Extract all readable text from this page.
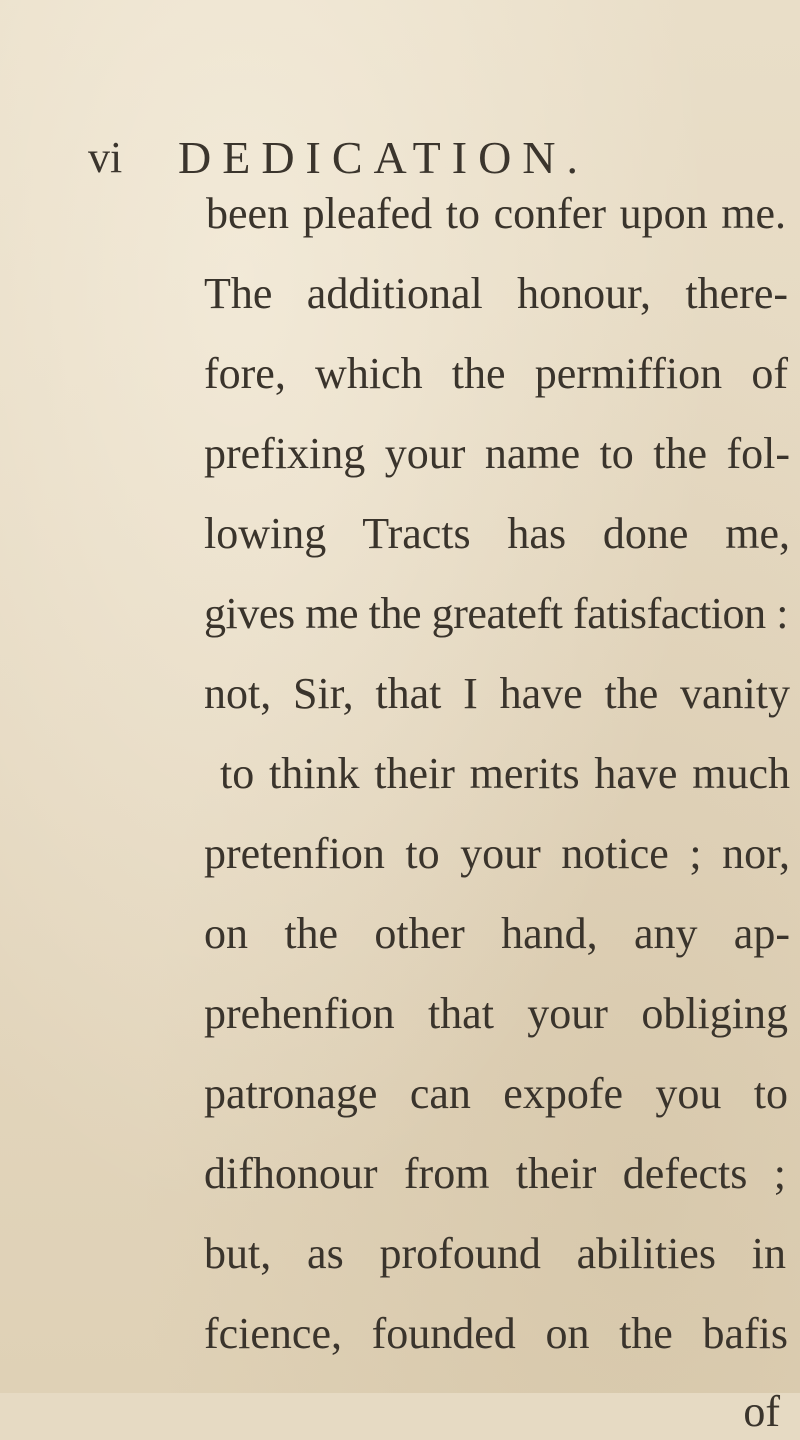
vi DEDICATION.
been pleafed to confer upon me.
The additional honour, there-
fore, which the permiffion of
prefixing your name to the fol-
lowing Tracts has done me,
gives me the greateft fatisfaction :
not, Sir, that I have the vanity
to think their merits have much
pretenfion to your notice ; nor,
on the other hand, any ap-
prehenfion that your obliging
patronage can expofe you to
difhonour from their defects ;
but, as profound abilities in
fcience, founded on the bafis
of
